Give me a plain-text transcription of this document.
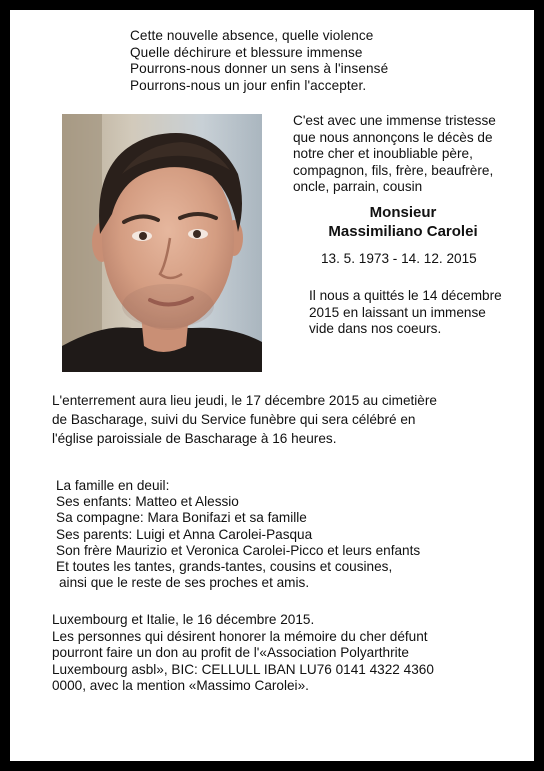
Cette nouvelle absence, quelle violence
Quelle déchirure et blessure immense
Pourrons-nous donner un sens à l'insensé
Pourrons-nous un jour enfin l'accepter.
C'est avec une immense tristesse
que nous annonçons le décès de
notre cher et inoubliable père,
compagnon, fils, frère, beaufrère,
oncle, parrain, cousin
Monsieur
Massimiliano Carolei
13. 5. 1973 - 14. 12. 2015
Il nous a quittés le 14 décembre
2015 en laissant un immense
vide dans nos coeurs.
L'enterrement aura lieu jeudi, le 17 décembre 2015 au cimetière
de Bascharage, suivi du Service funèbre qui sera célébré en
l'église paroissiale de Bascharage à 16 heures.
La famille en deuil:
Ses enfants: Matteo et Alessio
Sa compagne: Mara Bonifazi et sa famille
Ses parents: Luigi et Anna Carolei-Pasqua
Son frère Maurizio et Veronica Carolei-Picco et leurs enfants
Et toutes les tantes, grands-tantes, cousins et cousines,
ainsi que le reste de ses proches et amis.
Luxembourg et Italie, le 16 décembre 2015.
Les personnes qui désirent honorer la mémoire du cher défunt
pourront faire un don au profit de l'«Association Polyarthrite
Luxembourg asbl», BIC: CELLULL IBAN LU76 0141 4322 4360
0000, avec la mention «Massimo Carolei».
